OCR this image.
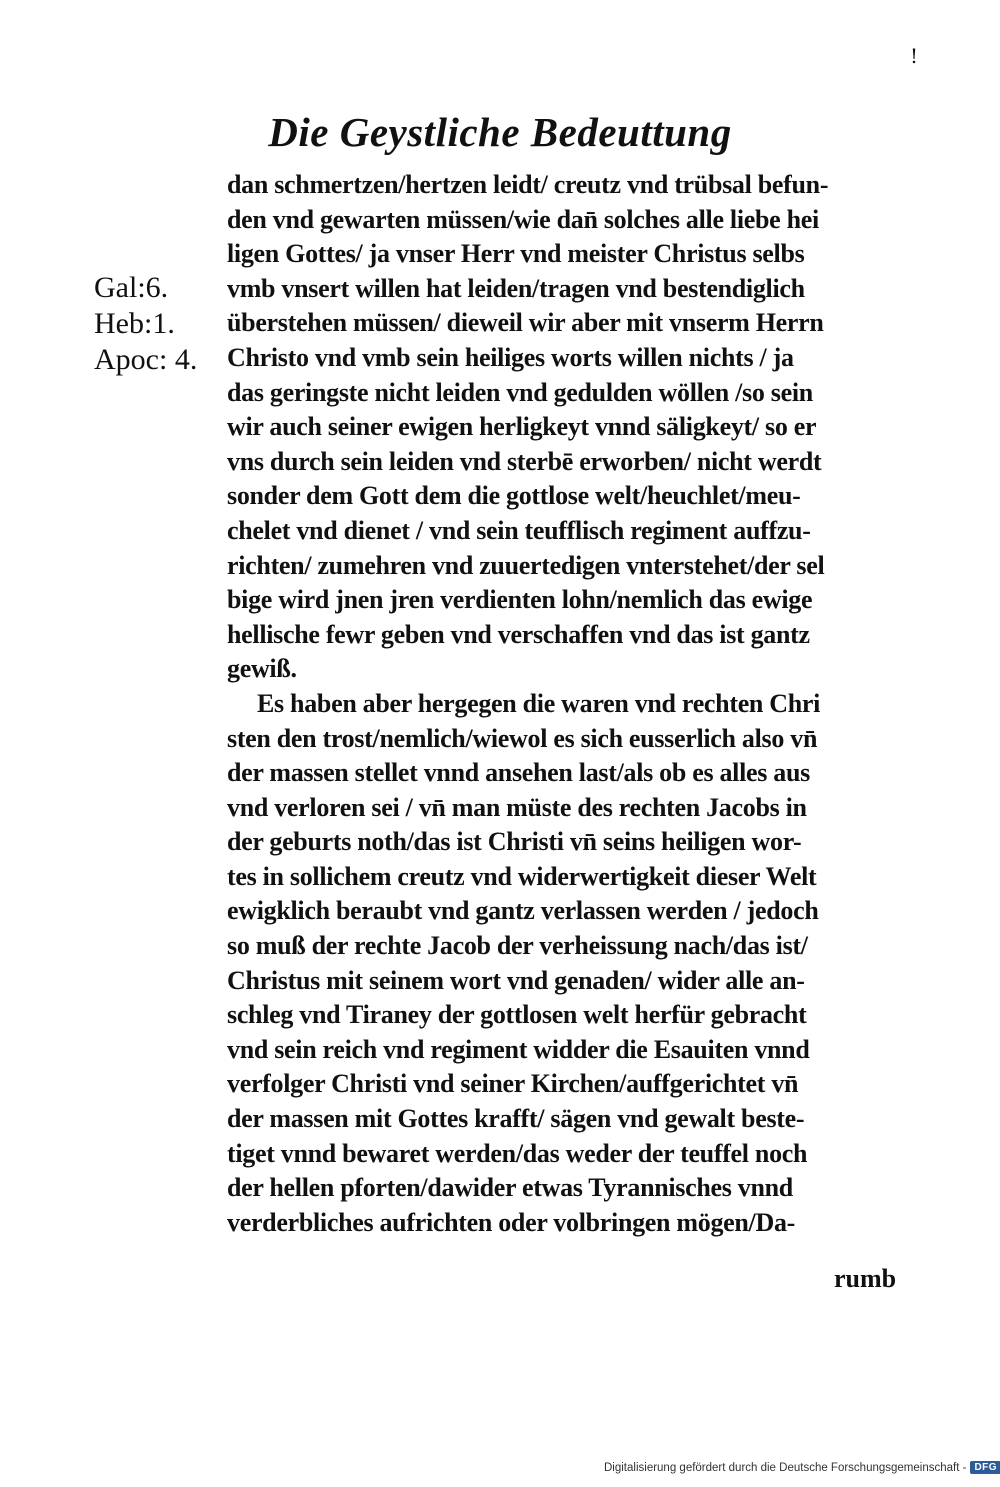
!
Die Geystliche Bedeuttung
Gal:6.
Heb:1.
Apoc: 4.
dan schmertzen/hertzen leidt/ creutz vnd trübsal befun-
den vnd gewarten müssen/wie dan̄ solches alle liebe hei
ligen Gottes/ ja vnser Herr vnd meister Christus selbs
vmb vnsert willen hat leiden/tragen vnd bestendiglich
überstehen müssen/ dieweil wir aber mit vnserm Herrn
Christo vnd vmb sein heiliges worts willen nichts / ja
das geringste nicht leiden vnd gedulden wöllen /so sein
wir auch seiner ewigen herligkeyt vnnd säligkeyt/ so er
vns durch sein leiden vnd sterbē erworben/ nicht werdt
sonder dem Gott dem die gottlose welt/heuchlet/meu-
chelet vnd dienet / vnd sein teufflisch regiment auffzu-
richten/ zumehren vnd zuuertedigen vnterstehet/der sel
bige wird jnen jren verdienten lohn/nemlich das ewige
hellische fewr geben vnd verschaffen vnd das ist gantz
gewiß.
Es haben aber hergegen die waren vnd rechten Chri
sten den trost/nemlich/wiewol es sich eusserlich also vn̄
der massen stellet vnnd ansehen last/als ob es alles aus
vnd verloren sei / vn̄ man müste des rechten Jacobs in
der geburts noth/das ist Christi vn̄ seins heiligen wor-
tes in sollichem creutz vnd widerwertigkeit dieser Welt
ewigklich beraubt vnd gantz verlassen werden / jedoch
so muß der rechte Jacob der verheissung nach/das ist/
Christus mit seinem wort vnd genaden/ wider alle an-
schleg vnd Tiraney der gottlosen welt herfür gebracht
vnd sein reich vnd regiment widder die Esauiten vnnd
verfolger Christi vnd seiner Kirchen/auffgerichtet vn̄
der massen mit Gottes krafft/ sägen vnd gewalt beste-
tiget vnnd bewaret werden/das weder der teuffel noch
der hellen pforten/dawider etwas Tyrannisches vnnd
verderbliches aufrichten oder volbringen mögen/Da-
rumb
Digitalisierung gefördert durch die Deutsche Forschungsgemeinschaft - DFG
